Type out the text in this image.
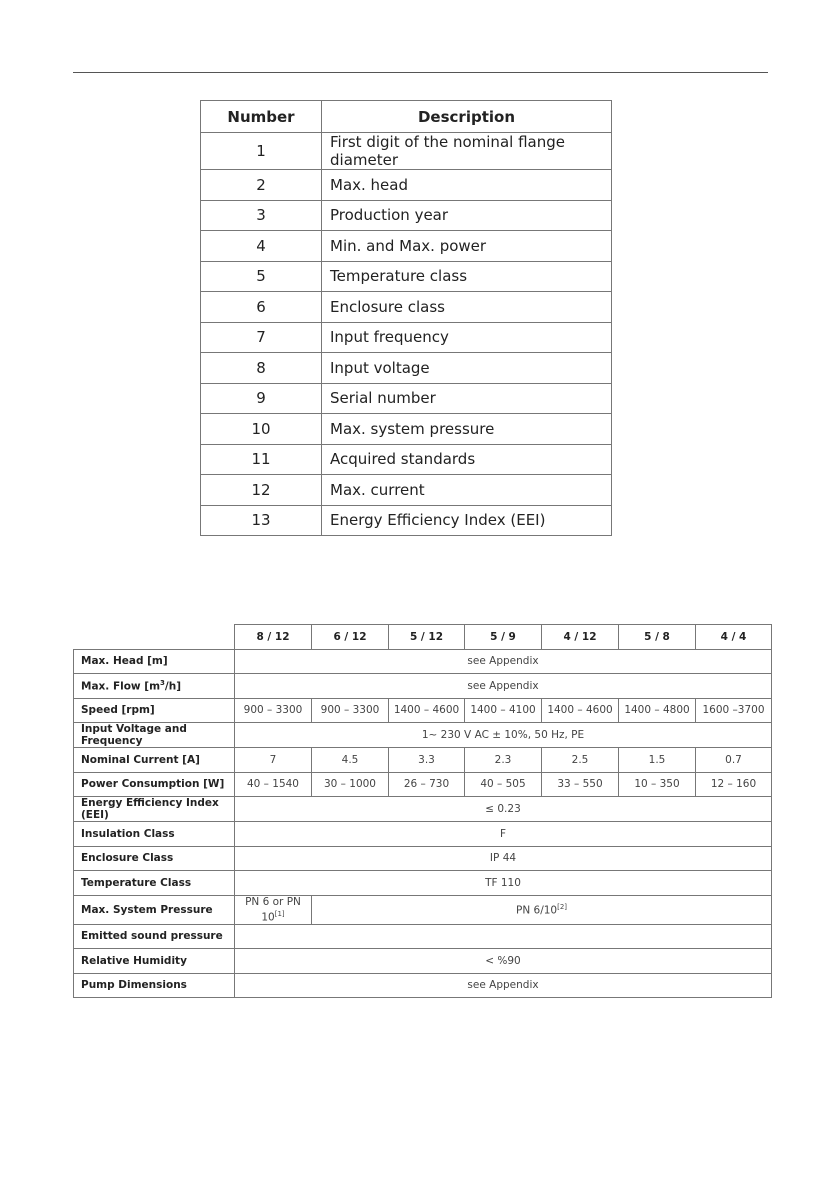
Number	Description
1	First digit of the nominal flange diameter
2	Max. head
3	Production year
4	Min. and Max. power
5	Temperature class
6	Enclosure class
7	Input frequency
8	Input voltage
9	Serial number
10	Max. system pressure
11	Acquired standards
12	Max. current
13	Energy Efficiency Index (EEI)
	8 / 12	6 / 12	5 / 12	5 / 9	4 / 12	5 / 8	4 / 4
Max. Head [m]	see Appendix						
Max. Flow $[m^3/h]$	see Appendix						
Speed [rpm]	900 – 3300	900 – 3300	1400 – 4600	1400 – 4100	1400 – 4600	1400 – 4800	1600 –3700
Input Voltage and Frequency	1~ 230 V AC ± 10%, 50 Hz, PE						
Nominal Current [A]	7	4.5	3.3	2.3	2.5	1.5	0.7
Power Consumption [W]	40 – 1540	30 – 1000	26 – 730	40 – 505	33 – 550	10 – 350	12 – 160
Energy Efficiency Index (EEI)	≤ 0.23						
Insulation Class	F						
Enclosure Class	IP 44						
Temperature Class	TF 110						
Max. System Pressure	PN 6 or PN 10[1]	PN 6/10[2]
Emitted sound pressure							
Relative Humidity	< %90						
Pump Dimensions	see Appendix						
